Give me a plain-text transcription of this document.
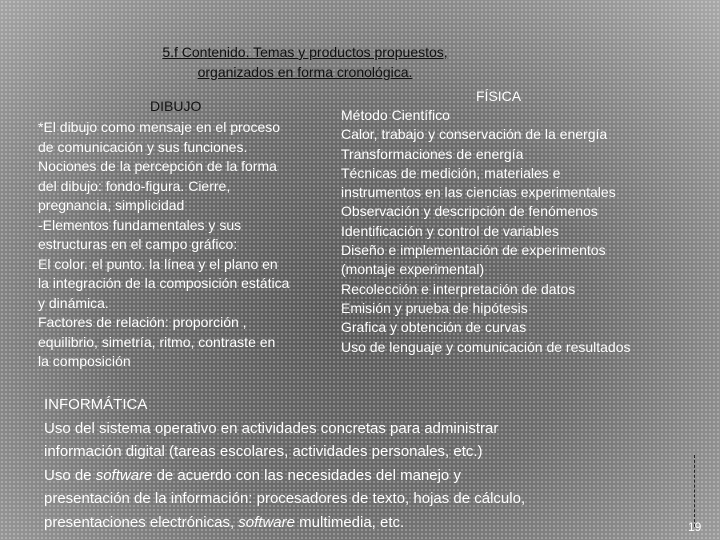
5.f Contenido. Temas y productos propuestos,
organizados en forma cronológica.
FÍSICA
DIBUJO
*El dibujo como mensaje en el proceso
de comunicación y sus funciones.
Nociones de la percepción de la forma
del dibujo: fondo-figura. Cierre,
pregnancia, simplicidad
-Elementos fundamentales y sus
estructuras en el campo gráfico:
El color. el punto. la línea y el plano en
la integración de la composición estática
y dinámica.
Factores de relación: proporción ,
equilibrio, simetría, ritmo, contraste en
la composición
Método Científico
Calor, trabajo y conservación de la energía
Transformaciones de energía
Técnicas de medición, materiales e
instrumentos en las ciencias experimentales
Observación y descripción de fenómenos
Identificación y control de variables
Diseño e implementación de experimentos
(montaje experimental)
Recolección e interpretación de datos
Emisión y prueba de hipótesis
Grafica y obtención de curvas
Uso de lenguaje y comunicación de resultados
INFORMÁTICA
Uso del sistema operativo en actividades concretas para administrar
información digital (tareas escolares, actividades personales, etc.)
Uso de software de acuerdo con las necesidades del manejo y
presentación de la información: procesadores de texto, hojas de cálculo,
presentaciones electrónicas, software multimedia, etc.	19
